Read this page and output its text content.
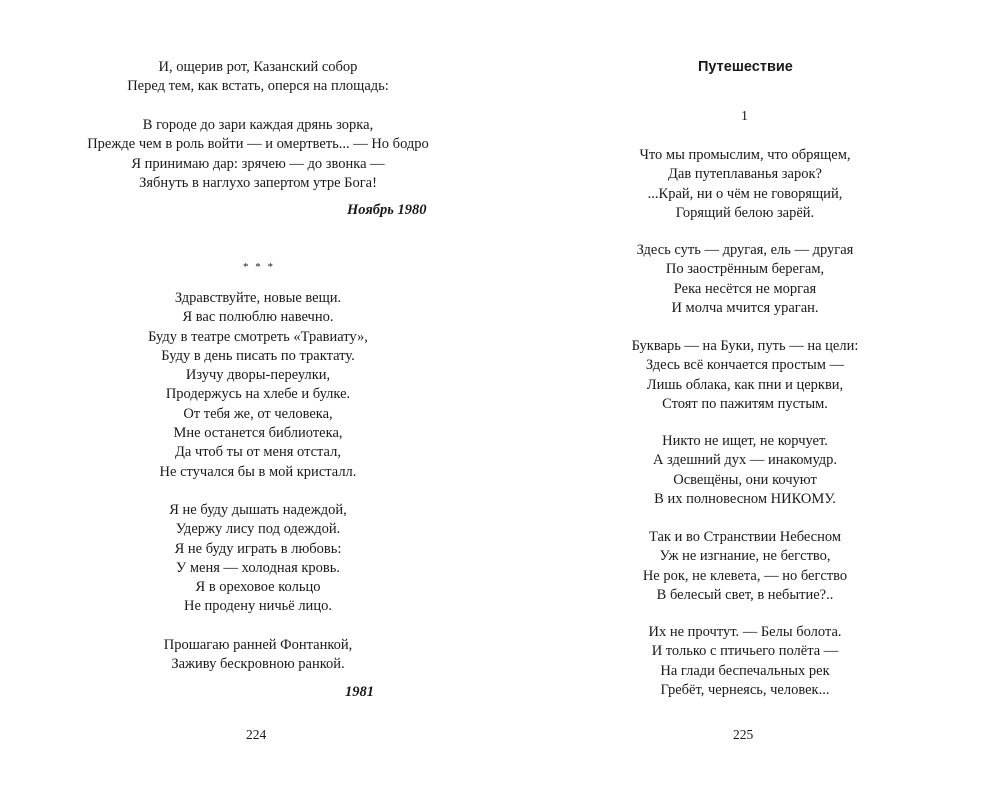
И, ощерив рот, Казанский собор
Перед тем, как встать, оперся на площадь:
В городе до зари каждая дрянь зорка,
Прежде чем в роль войти — и омертветь... — Но бодро
Я принимаю дар: зрячею — до звонка —
Зябнуть в наглухо запертом утре Бога!
Ноябрь 1980
* * *
Здравствуйте, новые вещи.
Я вас полюблю навечно.
Буду в театре смотреть «Травиату»,
Буду в день писать по трактату.
Изучу дворы-переулки,
Продержусь на хлебе и булке.
От тебя же, от человека,
Мне останется библиотека,
Да чтоб ты от меня отстал,
Не стучался бы в мой кристалл.
Я не буду дышать надеждой,
Удержу лису под одеждой.
Я не буду играть в любовь:
У меня — холодная кровь.
Я в ореховое кольцо
Не продену ничьё лицо.
Прошагаю ранней Фонтанкой,
Заживу бескровною ранкой.
1981
224
Путешествие
1
Что мы промыслим, что обрящем,
Дав путеплаванья зарок?
...Край, ни о чём не говорящий,
Горящий белою зарёй.
Здесь суть — другая, ель — другая
По заострённым берегам,
Река несётся не моргая
И молча мчится ураган.
Букварь — на Буки, путь — на цели:
Здесь всё кончается простым —
Лишь облака, как пни и церкви,
Стоят по пажитям пустым.
Никто не ищет, не корчует.
А здешний дух — инакомудр.
Освещёны, они кочуют
В их полновесном НИКОМУ.
Так и во Странствии Небесном
Уж не изгнание, не бегство,
Не рок, не клевета, — но бегство
В белесый свет, в небытие?..
Их не прочтут. — Белы болота.
И только с птичьего полёта —
На глади беспечальных рек
Гребёт, чернеясь, человек...
225
